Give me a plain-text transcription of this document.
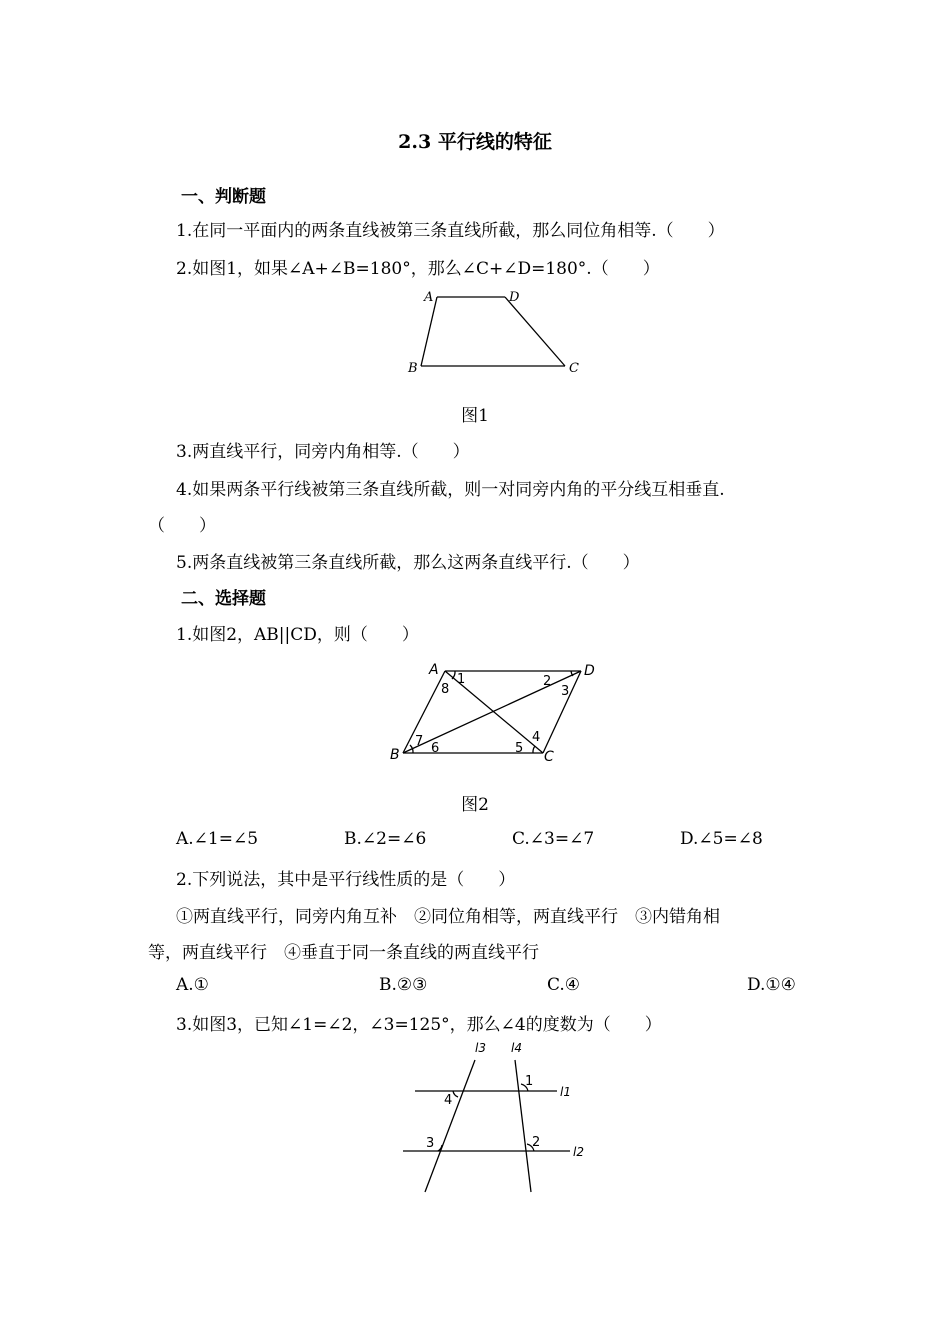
2.3 平行线的特征
一、判断题
1.在同一平面内的两条直线被第三条直线所截，那么同位角相等.（　　）
2.如图1，如果∠A+∠B=180°，那么∠C+∠D=180°.（　　）
A	D
B	C
图1
3.两直线平行，同旁内角相等.（　　）
4.如果两条平行线被第三条直线所截，则一对同旁内角的平分线互相垂直.
（　　）
5.两条直线被第三条直线所截，那么这两条直线平行.（　　）
二、选择题
1.如图2，AB||CD，则（　　）
A	D
B	C
1	2
3
4
5
6
7
8
图2
A.∠1=∠5	B.∠2=∠6	C.∠3=∠7	D.∠5=∠8
2.下列说法，其中是平行线性质的是（　　）
①两直线平行，同旁内角互补　②同位角相等，两直线平行　③内错角相
等，两直线平行　④垂直于同一条直线的两直线平行
A.①	B.②③	C.④	D.①④
3.如图3，已知∠1=∠2，∠3=125°，那么∠4的度数为（　　）
l3 l4
l1
l2
1
2
3
4
